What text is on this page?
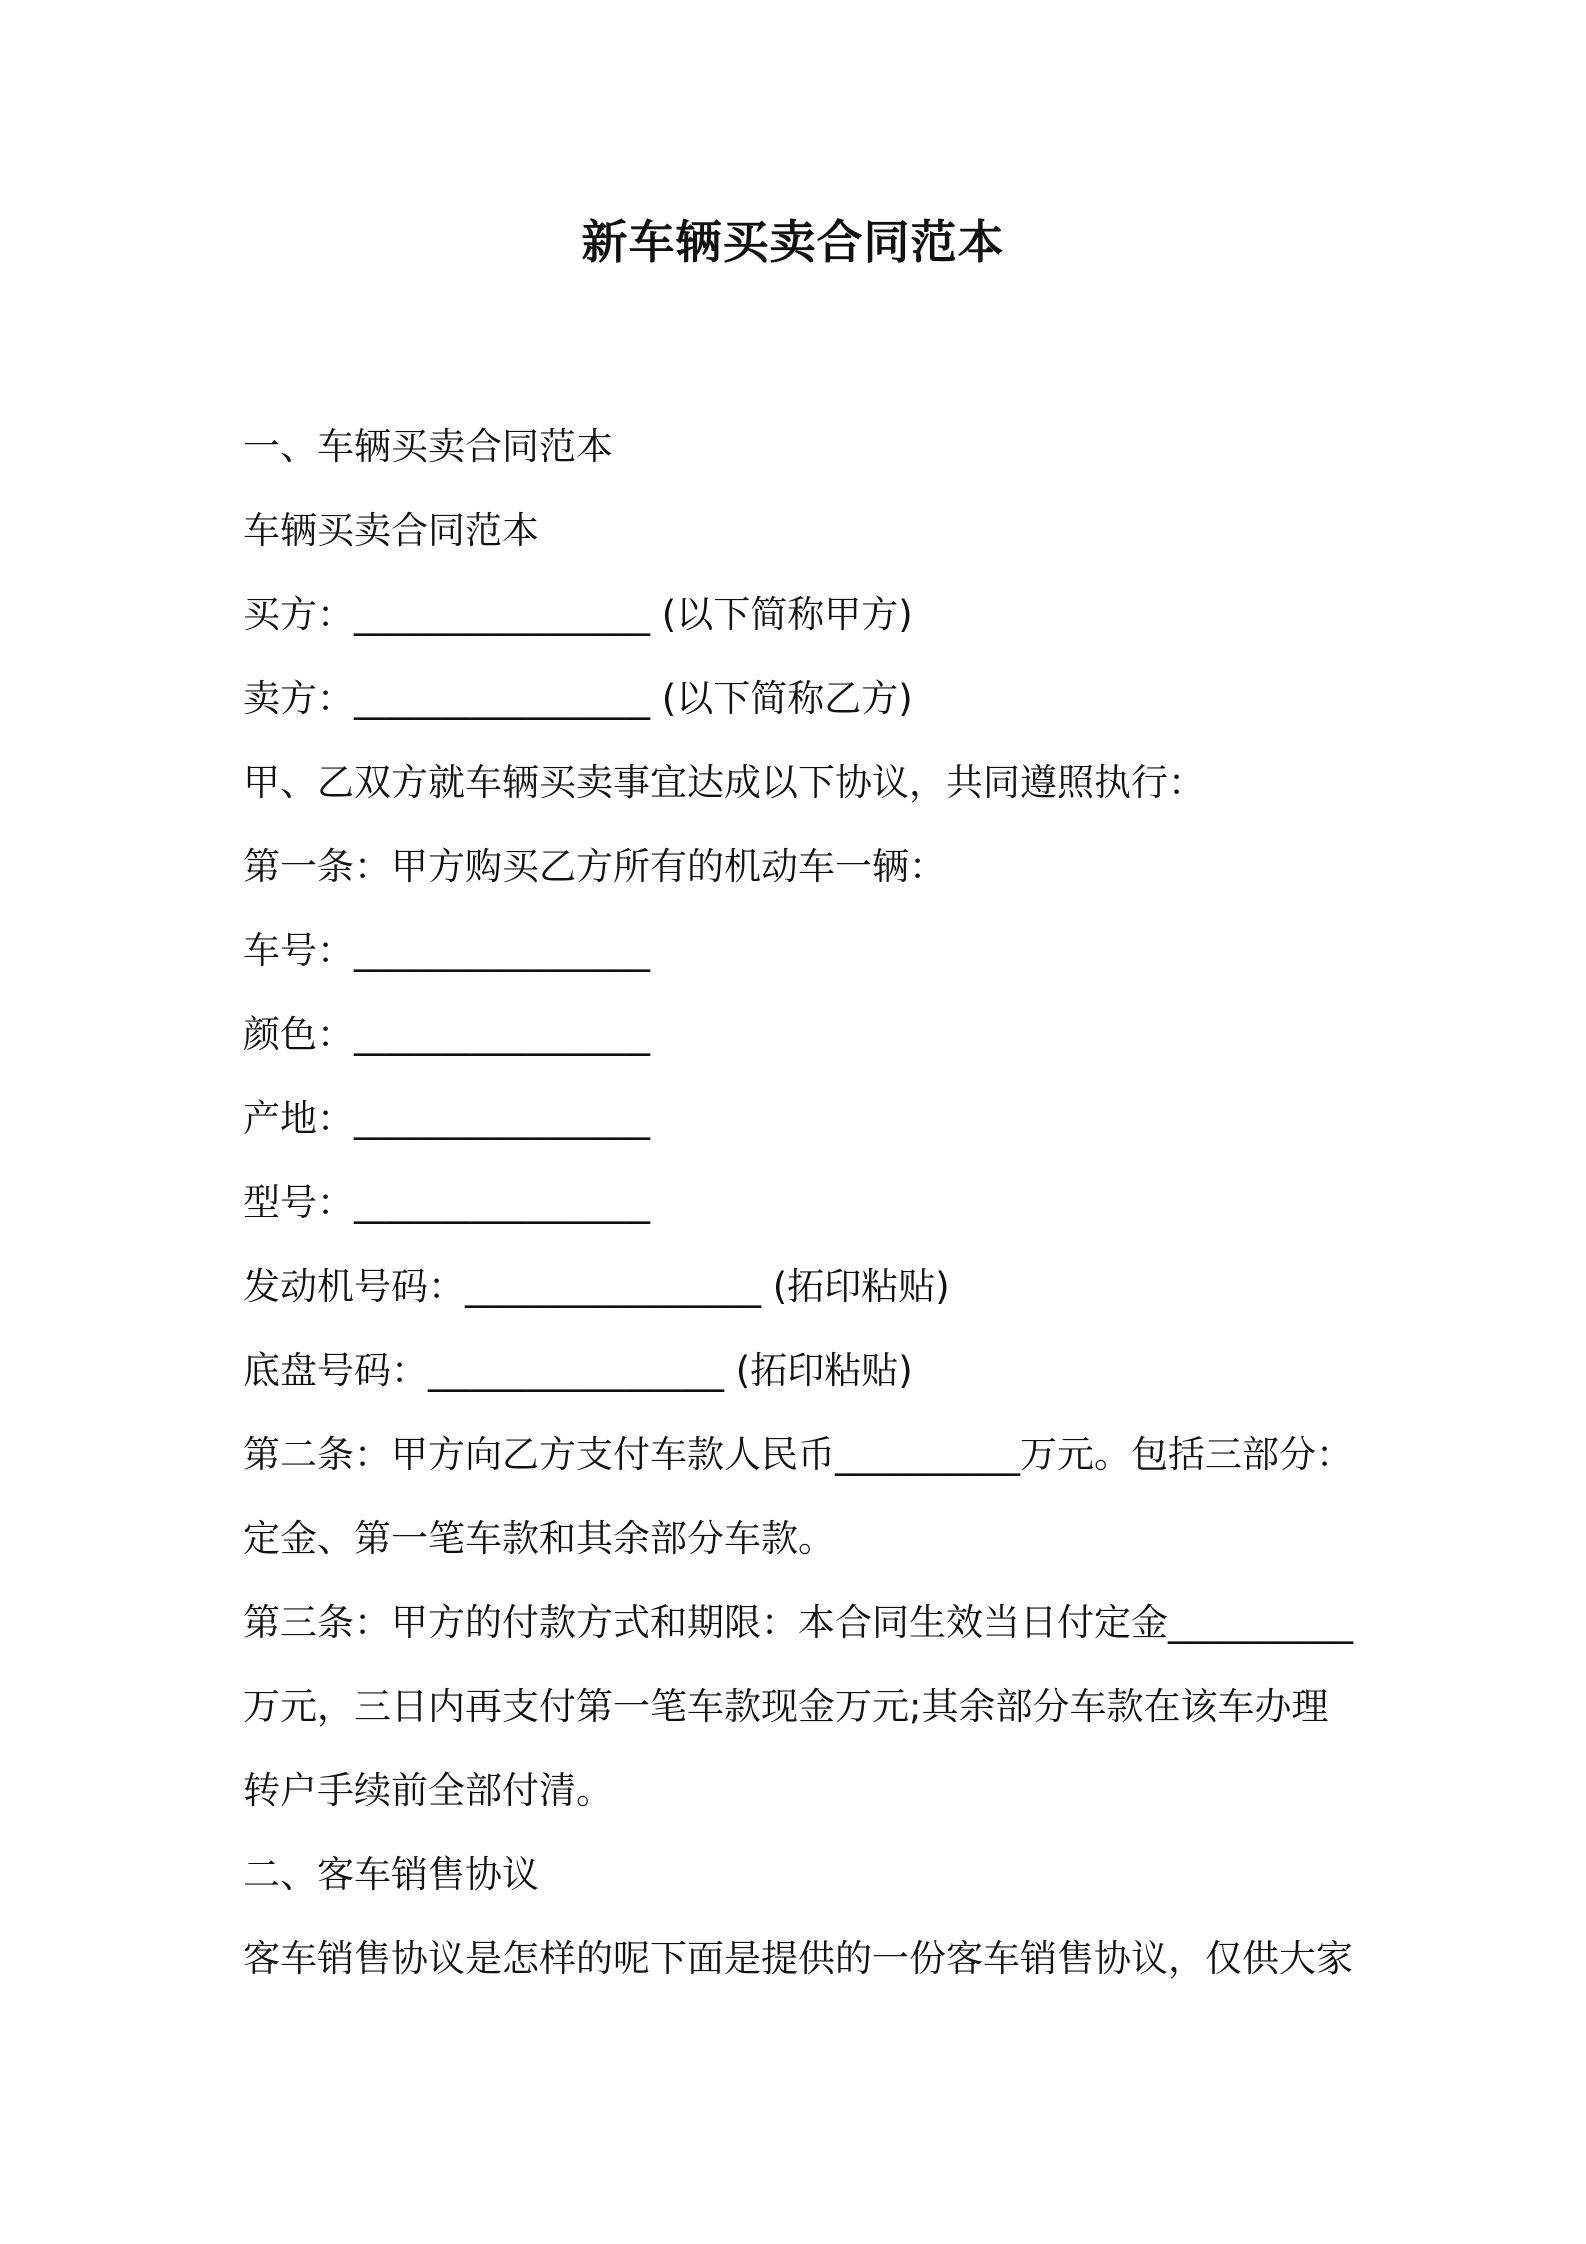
新车辆买卖合同范本

一、车辆买卖合同范本

车辆买卖合同范本

买方：________________ (以下简称甲方)

卖方：________________ (以下简称乙方)

甲、乙双方就车辆买卖事宜达成以下协议，共同遵照执行：

第一条：甲方购买乙方所有的机动车一辆：

车号：________________

颜色：________________

产地：________________

型号：________________

发动机号码：________________ (拓印粘贴)

底盘号码：________________ (拓印粘贴)

第二条：甲方向乙方支付车款人民币__________万元。包括三部分：

定金、第一笔车款和其余部分车款。

第三条：甲方的付款方式和期限：本合同生效当日付定金__________

万元，三日内再支付第一笔车款现金万元;其余部分车款在该车办理

转户手续前全部付清。

二、客车销售协议

客车销售协议是怎样的呢下面是提供的一份客车销售协议，仅供大家
